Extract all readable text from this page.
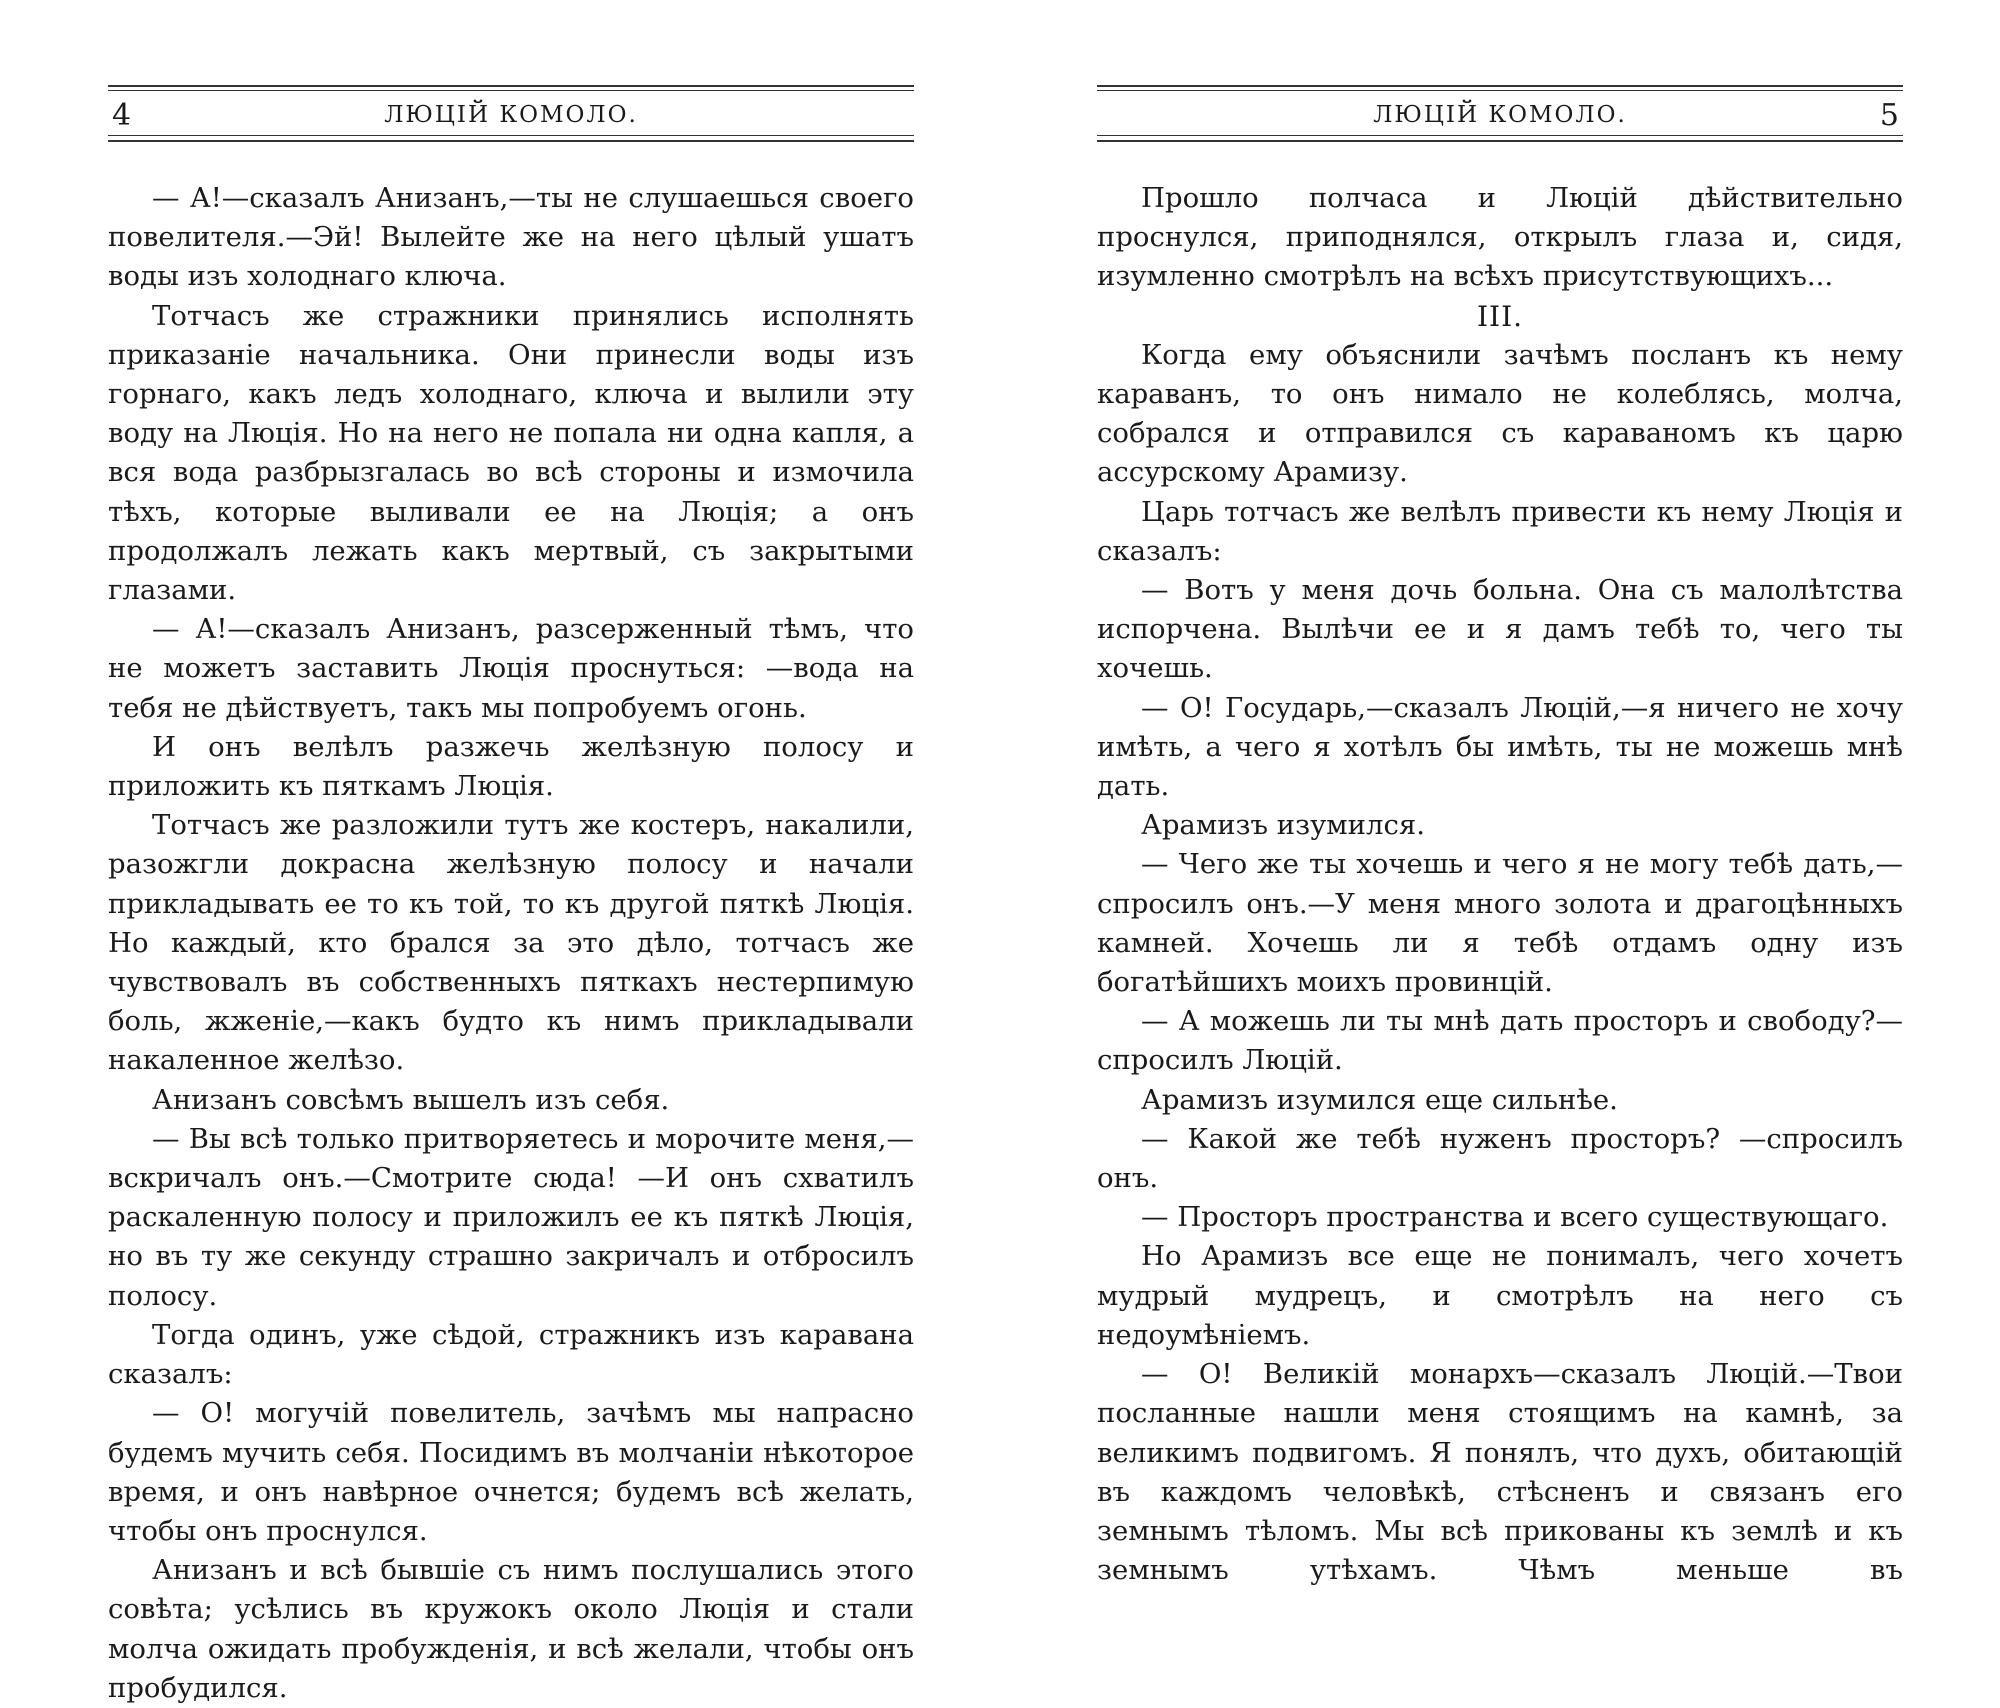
4	ЛЮЦІЙ КОМОЛО.

— А!—сказалъ Анизанъ,—ты не слушаешься своего повелителя.—Эй! Вылейте же на него цѣлый ушатъ воды изъ холоднаго ключа.

Тотчасъ же стражники принялись исполнять приказаніе начальника. Они принесли воды изъ горнаго, какъ ледъ холоднаго, ключа и вылили эту воду на Люція. Но на него не попала ни одна капля, а вся вода разбрызгалась во всѣ стороны и измочила тѣхъ, которые выливали ее на Люція; а онъ продолжалъ лежать какъ мертвый, съ закрытыми глазами.

— А!—сказалъ Анизанъ, разсерженный тѣмъ, что не можетъ заставить Люція проснуться: —вода на тебя не дѣйствуетъ, такъ мы попробуемъ огонь.

И онъ велѣлъ разжечь желѣзную полосу и приложить къ пяткамъ Люція.

Тотчасъ же разложили тутъ же костеръ, накалили, разожгли докрасна желѣзную полосу и начали прикладывать ее то къ той, то къ другой пяткѣ Люція. Но каждый, кто брался за это дѣло, тотчасъ же чувствовалъ въ собственныхъ пяткахъ нестерпимую боль, жженіе,—какъ будто къ нимъ прикладывали накаленное желѣзо.

Анизанъ совсѣмъ вышелъ изъ себя.

— Вы всѣ только притворяетесь и морочите меня,—вскричалъ онъ.—Смотрите сюда! —И онъ схватилъ раскаленную полосу и приложилъ ее къ пяткѣ Люція, но въ ту же секунду страшно закричалъ и отбросилъ полосу.

Тогда одинъ, уже сѣдой, стражникъ изъ каравана сказалъ:

— О! могучій повелитель, зачѣмъ мы напрасно будемъ мучить себя. Посидимъ въ молчаніи нѣкоторое время, и онъ навѣрное очнется; будемъ всѣ желать, чтобы онъ проснулся.

Анизанъ и всѣ бывшіе съ нимъ послушались этого совѣта; усѣлись въ кружокъ около Люція и стали молча ожидать пробужденія, и всѣ желали, чтобы онъ пробудился.

ЛЮЦІЙ КОМОЛО.	5

Прошло полчаса и Люцій дѣйствительно проснулся, приподнялся, открылъ глаза и, сидя, изумленно смотрѣлъ на всѣхъ присутствующихъ...

III.

Когда ему объяснили зачѣмъ посланъ къ нему караванъ, то онъ нимало не колеблясь, молча, собрался и отправился съ караваномъ къ царю ассурскому Арамизу.

Царь тотчасъ же велѣлъ привести къ нему Люція и сказалъ:

— Вотъ у меня дочь больна. Она съ малолѣтства испорчена. Вылѣчи ее и я дамъ тебѣ то, чего ты хочешь.

— О! Государь,—сказалъ Люцій,—я ничего не хочу имѣть, а чего я хотѣлъ бы имѣть, ты не можешь мнѣ дать.

Арамизъ изумился.

— Чего же ты хочешь и чего я не могу тебѣ дать,—спросилъ онъ.—У меня много золота и драгоцѣнныхъ камней. Хочешь ли я тебѣ отдамъ одну изъ богатѣйшихъ моихъ провинцій.

— А можешь ли ты мнѣ дать просторъ и свободу?—спросилъ Люцій.

Арамизъ изумился еще сильнѣе.

— Какой же тебѣ нуженъ просторъ? —спросилъ онъ.

— Просторъ пространства и всего существующаго.

Но Арамизъ все еще не понималъ, чего хочетъ мудрый мудрецъ, и смотрѣлъ на него съ недоумѣніемъ.

— О! Великій монархъ—сказалъ Люцій.—Твои посланные нашли меня стоящимъ на камнѣ, за великимъ подвигомъ. Я понялъ, что духъ, обитающій въ каждомъ человѣкѣ, стѣсненъ и связанъ его земнымъ тѣломъ. Мы всѣ прикованы къ землѣ и къ земнымъ утѣхамъ. Чѣмъ меньше въ
